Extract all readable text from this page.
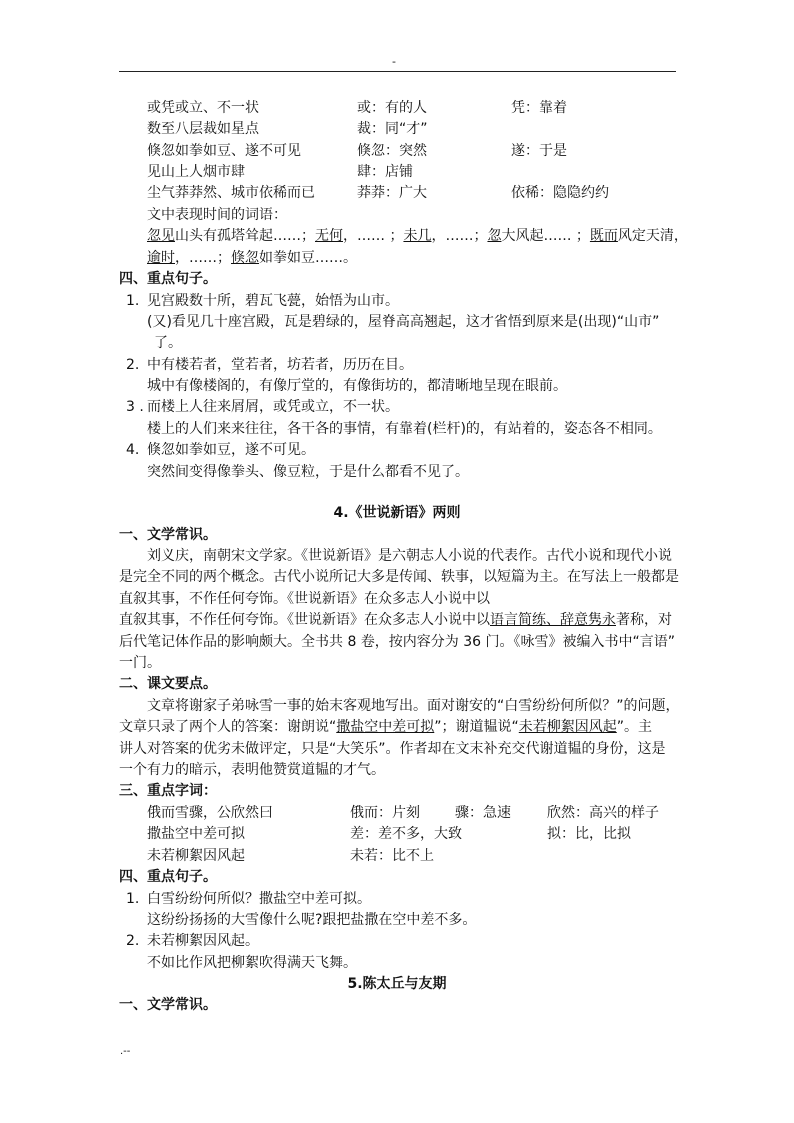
-
或凭或立、不一状	或：有的人	凭：靠着
数至八层裁如星点	裁：同“才”
倏忽如拳如豆、遂不可见	倏忽：突然	遂：于是
见山上人烟市肆	肆：店铺
尘气莽莽然、城市依稀而已	莽莽：广大	依稀：隐隐约约
文中表现时间的词语：
忽见山头有孤塔耸起……；无何，…… ；未几，……；忽大风起…… ；既而风定天清，
逾时，……；倏忽如拳如豆……。
四、重点句子。
1. 见宫殿数十所，碧瓦飞甍，始悟为山市。
(又)看见几十座宫殿，瓦是碧绿的，屋脊高高翘起，这才省悟到原来是(出现)“山市”
了。
2. 中有楼若者，堂若者，坊若者，历历在目。
城中有像楼阁的，有像厅堂的，有像街坊的，都清晰地呈现在眼前。
3 . 而楼上人往来屑屑，或凭或立，不一状。
楼上的人们来来往往，各干各的事情，有靠着(栏杆)的，有站着的，姿态各不相同。
4. 倏忽如拳如豆，遂不可见。
突然间变得像拳头、像豆粒，于是什么都看不见了。
4.《世说新语》两则
一、文学常识。
刘义庆，南朝宋文学家。《世说新语》是六朝志人小说的代表作。古代小说和现代小说
是完全不同的两个概念。古代小说所记大多是传闻、轶事，以短篇为主。在写法上一般都是
直叙其事，不作任何夸饰。《世说新语》在众多志人小说中以
直叙其事，不作任何夸饰。《世说新语》在众多志人小说中以语言简练、辞意隽永著称，对
后代笔记体作品的影响颇大。全书共 8 卷，按内容分为 36 门。《咏雪》被编入书中“言语”
一门。
二、课文要点。
文章将谢家子弟咏雪一事的始末客观地写出。面对谢安的“白雪纷纷何所似？”的问题，
文章只录了两个人的答案：谢朗说“撒盐空中差可拟”；谢道韫说“未若柳絮因风起”。主
讲人对答案的优劣未做评定，只是“大笑乐”。作者却在文末补充交代谢道韫的身份，这是
一个有力的暗示，表明他赞赏道韫的才气。
三、重点字词：
俄而雪骤，公欣然曰	俄而：片刻	骤：急速	欣然：高兴的样子
撒盐空中差可拟	差：差不多，大致	拟：比，比拟
未若柳絮因风起	未若：比不上
四、重点句子。
1. 白雪纷纷何所似？撒盐空中差可拟。
这纷纷扬扬的大雪像什么呢?跟把盐撒在空中差不多。
2. 未若柳絮因风起。
不如比作风把柳絮吹得满天飞舞。
5.陈太丘与友期
一、文学常识。
.--
